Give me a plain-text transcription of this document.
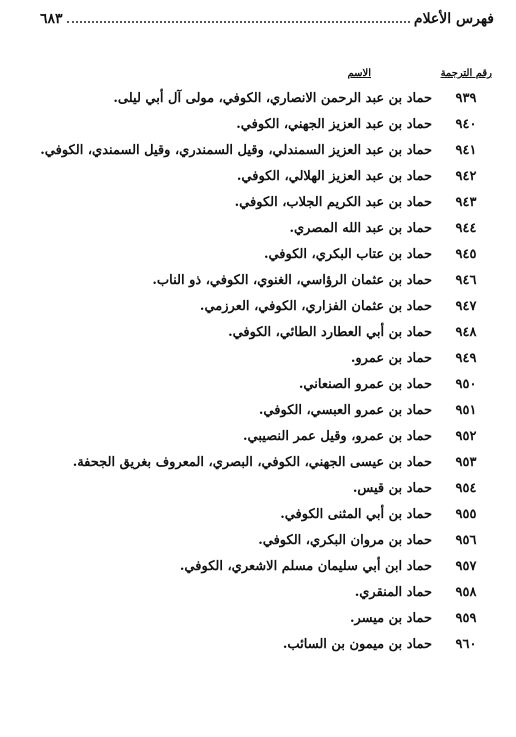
فهرس الأعلام
٦٨٣
رقم الترجمة
الاسم
٩٣٩
حماد بن عبد الرحمن الانصاري، الكوفي، مولى آل أبي ليلى.
٩٤٠
حماد بن عبد العزيز الجهني، الكوفي.
٩٤١
حماد بن عبد العزيز السمندلي، وقيل السمندري، وقيل السمندي، الكوفي.
٩٤٢
حماد بن عبد العزيز الهلالي، الكوفي.
٩٤٣
حماد بن عبد الكريم الجلاب، الكوفي.
٩٤٤
حماد بن عبد الله المصري.
٩٤٥
حماد بن عتاب البكري، الكوفي.
٩٤٦
حماد بن عثمان الرؤاسي، الغنوي، الكوفي، ذو الناب.
٩٤٧
حماد بن عثمان الفزاري، الكوفي، العرزمي.
٩٤٨
حماد بن أبي العطارد الطائي، الكوفي.
٩٤٩
حماد بن عمرو.
٩٥٠
حماد بن عمرو الصنعاني.
٩٥١
حماد بن عمرو العبسي، الكوفي.
٩٥٢
حماد بن عمرو، وقيل عمر النصيبي.
٩٥٣
حماد بن عيسى الجهني، الكوفي، البصري، المعروف بغريق الجحفة.
٩٥٤
حماد بن قيس.
٩٥٥
حماد بن أبي المثنى الكوفي.
٩٥٦
حماد بن مروان البكري، الكوفي.
٩٥٧
حماد ابن أبي سليمان مسلم الاشعري، الكوفي.
٩٥٨
حماد المنقري.
٩٥٩
حماد بن ميسر.
٩٦٠
حماد بن ميمون بن السائب.
